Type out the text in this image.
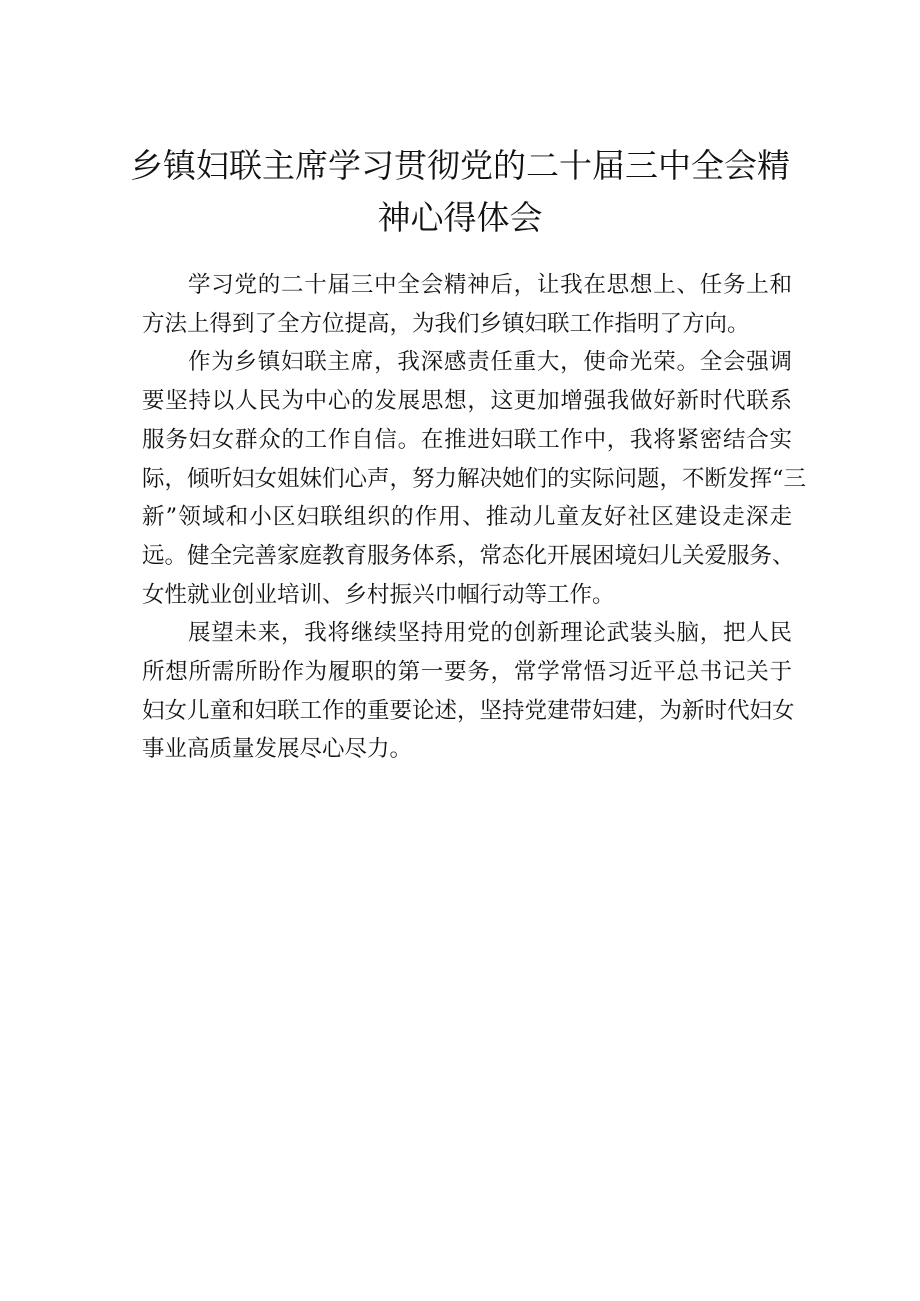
乡镇妇联主席学习贯彻党的二十届三中全会精
神心得体会

学习党的二十届三中全会精神后，让我在思想上、任务上和
方法上得到了全方位提高，为我们乡镇妇联工作指明了方向。

作为乡镇妇联主席，我深感责任重大，使命光荣。全会强调
要坚持以人民为中心的发展思想，这更加增强我做好新时代联系
服务妇女群众的工作自信。在推进妇联工作中，我将紧密结合实
际，倾听妇女姐妹们心声，努力解决她们的实际问题，不断发挥“三
新”领域和小区妇联组织的作用、推动儿童友好社区建设走深走
远。健全完善家庭教育服务体系，常态化开展困境妇儿关爱服务、
女性就业创业培训、乡村振兴巾帼行动等工作。

展望未来，我将继续坚持用党的创新理论武装头脑，把人民
所想所需所盼作为履职的第一要务，常学常悟习近平总书记关于
妇女儿童和妇联工作的重要论述，坚持党建带妇建，为新时代妇女
事业高质量发展尽心尽力。
